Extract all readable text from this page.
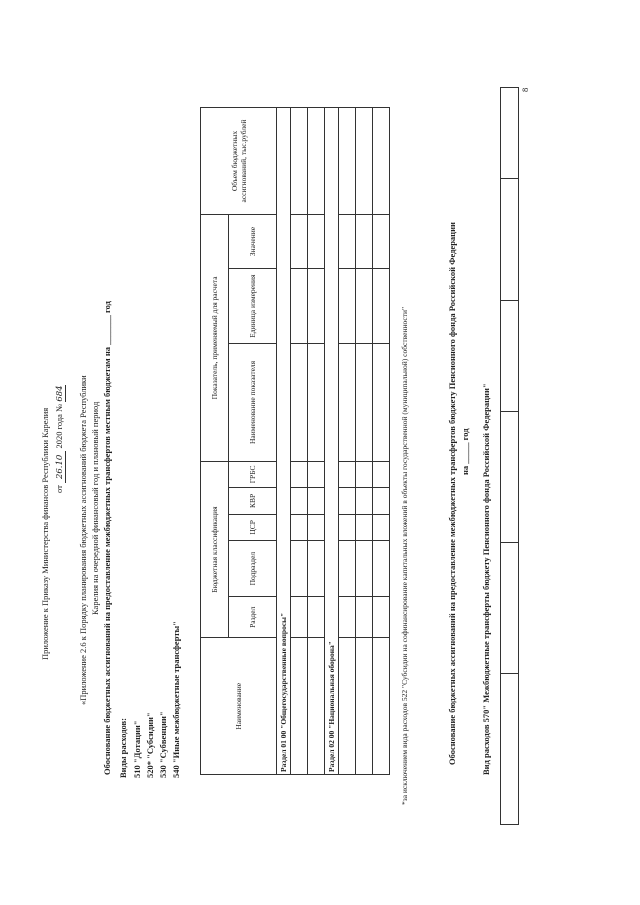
Приложение к Приказу Министерства финансов Республики Карелия от 26.10 2020 года № 684 «Приложение 2.6 к Порядку планирования бюджетных ассигнований бюджета Республики Карелия на очередной финансовый год и плановый период Обоснование бюджетных ассигнований на предоставление межбюджетных трансфертов местным бюджетам на _______ год Виды расходов: 510 "Дотации" 520* "Субсидии" 530 "Субвенции" 540 "Иные межбюджетные трансферты"	Наименование	Бюджетная классификация					Показатель, применяемый для расчета			Объем бюджетных ассигнований, тыс.рублей
	Раздел	Подраздел	ЦСР	КВР	ГРБС	Наименование показателя	Единица измерения	Значение	
Раздел 01 00 "Общегосударственные вопросы"									

Раздел 02 00 "Национальная оборона"									

										*за исключением вида расходов 522 "Субсидии на софинансирование капитальных вложений в объекты государственной (муниципальной) собственности"	Обоснование бюджетных ассигнований на предоставление межбюджетных трансфертов бюджету Пенсионного фонда Российской Федерации на _____ год Вид расходов 570" Межбюджетные трансферты бюджету Пенсионного фонда Российской Федерации"

8
